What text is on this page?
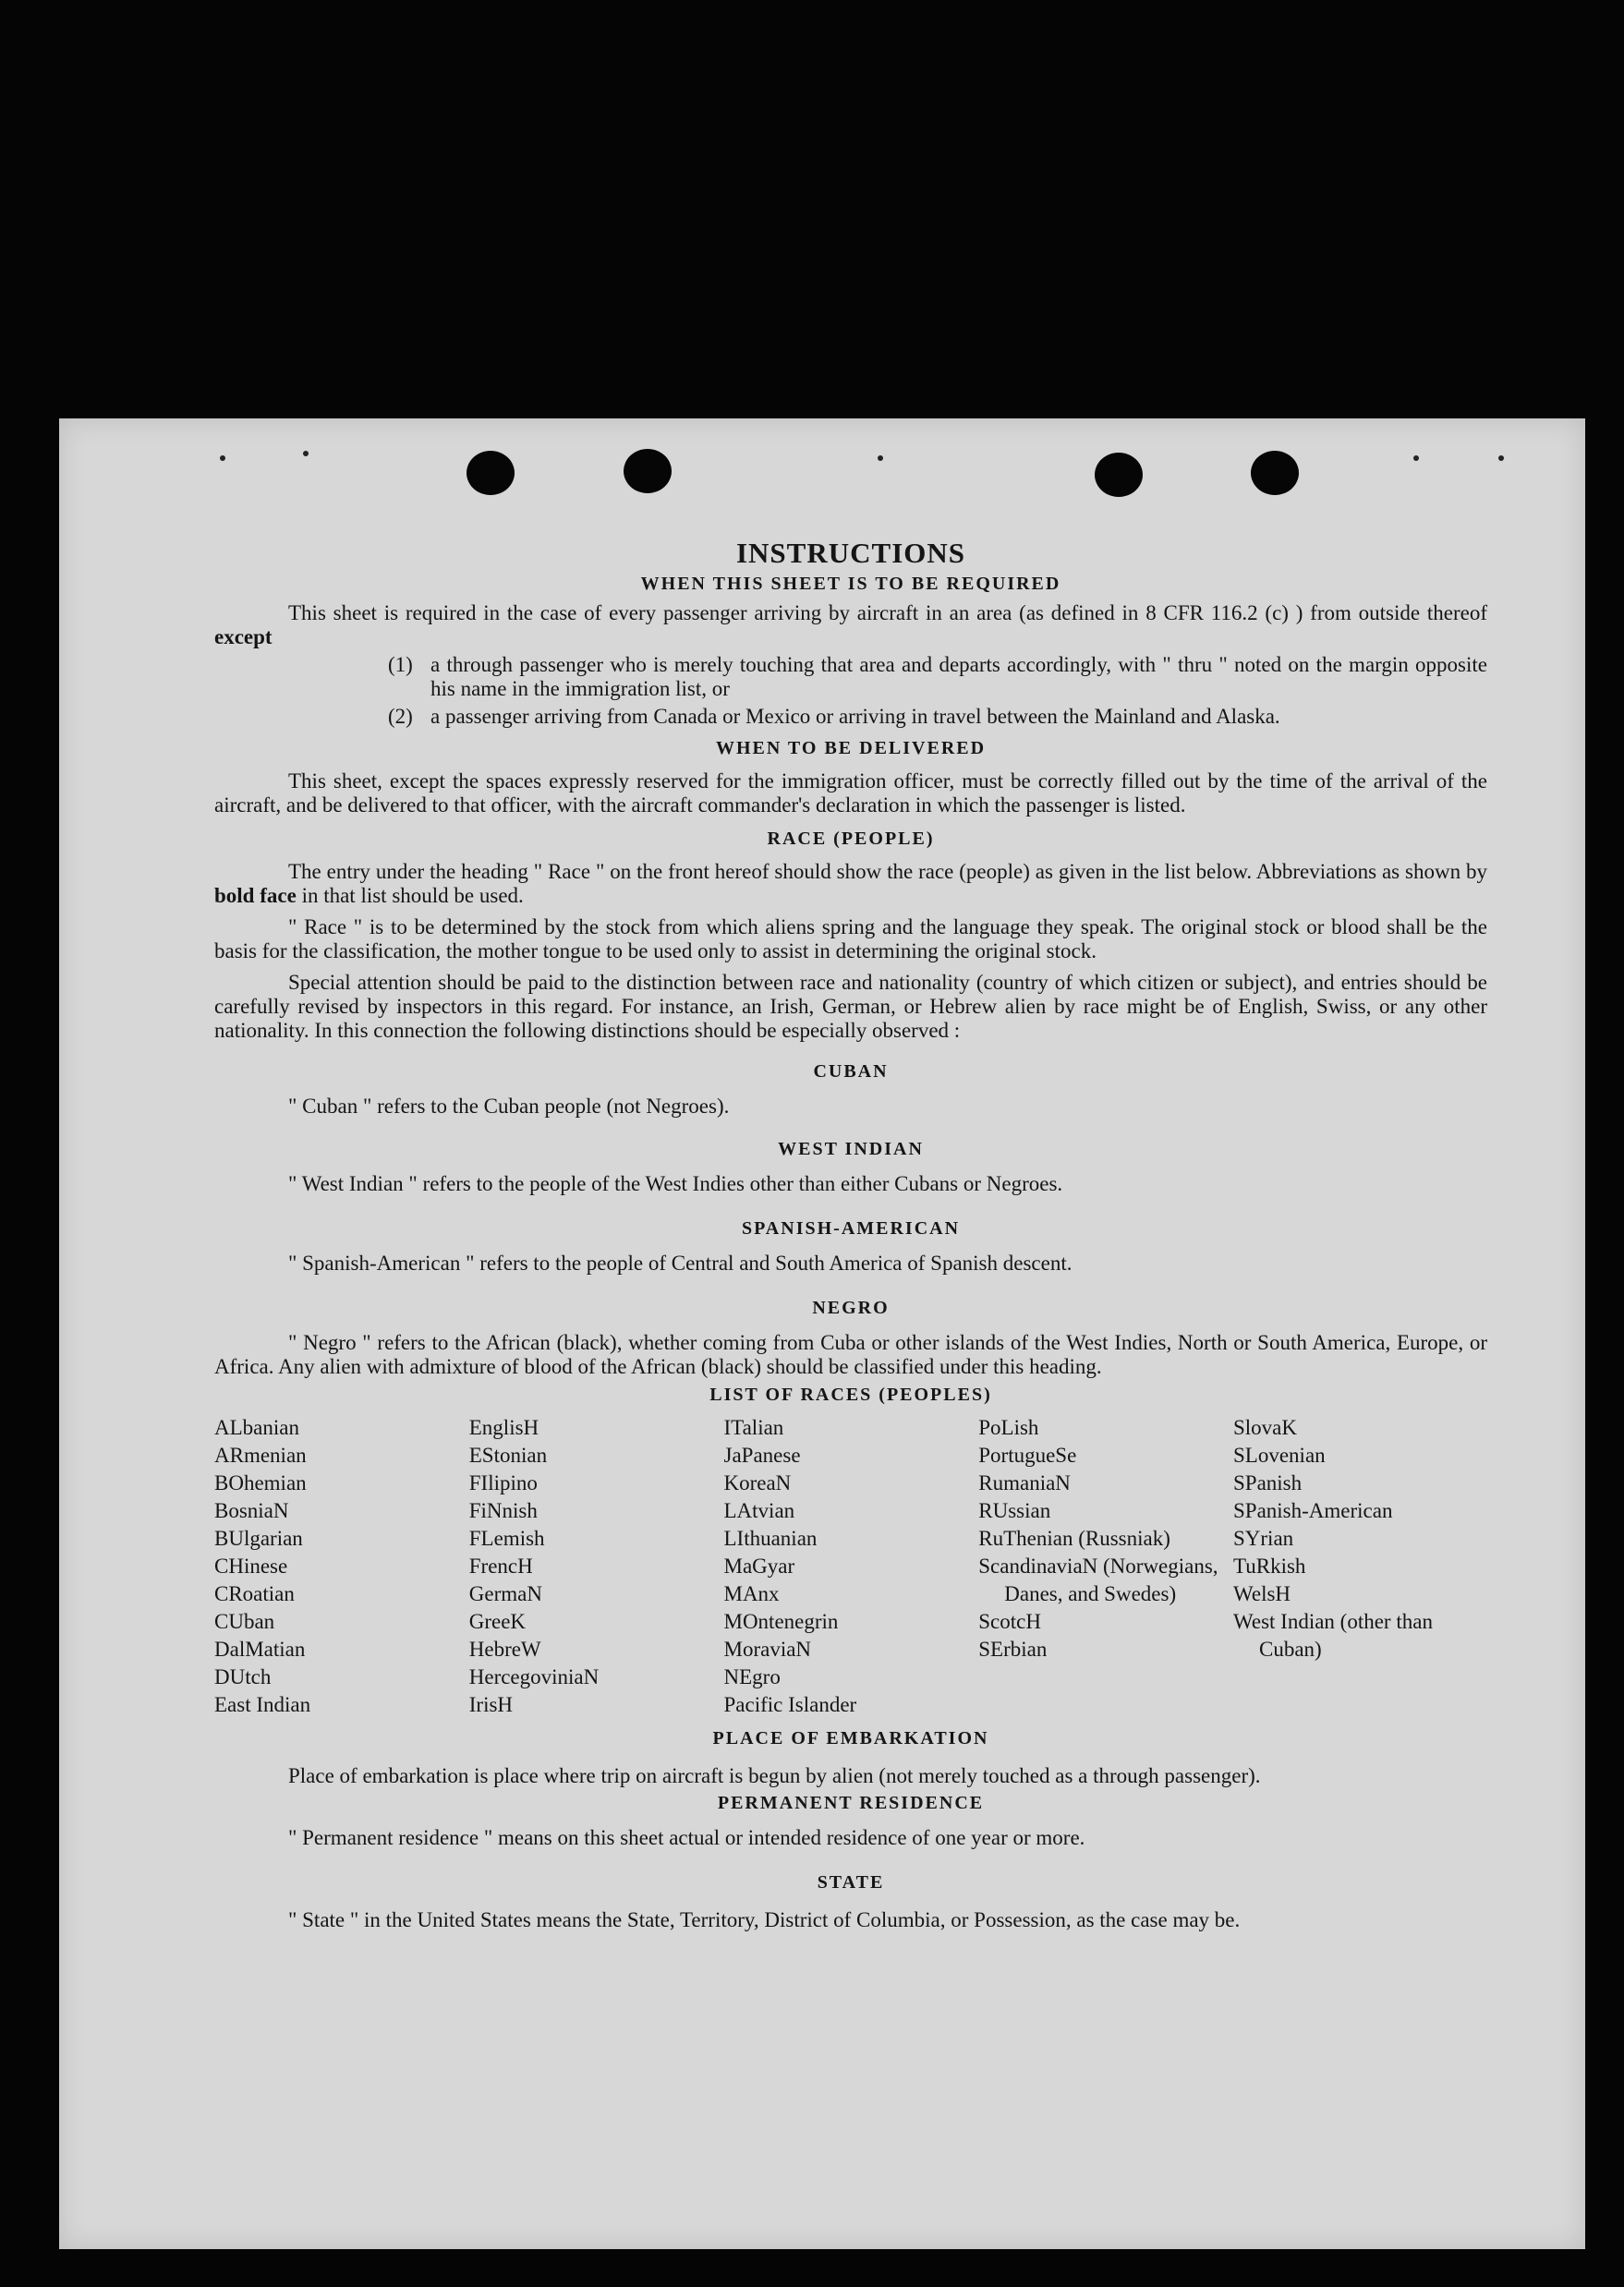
INSTRUCTIONS
WHEN THIS SHEET IS TO BE REQUIRED

This sheet is required in the case of every passenger arriving by aircraft in an area (as defined in 8 CFR 116.2 (c) ) from outside thereof except

(1) a through passenger who is merely touching that area and departs accordingly, with " thru " noted on the margin opposite his name in the immigration list, or

(2) a passenger arriving from Canada or Mexico or arriving in travel between the Mainland and Alaska.

WHEN TO BE DELIVERED

This sheet, except the spaces expressly reserved for the immigration officer, must be correctly filled out by the time of the arrival of the aircraft, and be delivered to that officer, with the aircraft commander's declaration in which the passenger is listed.

RACE (PEOPLE)

The entry under the heading " Race " on the front hereof should show the race (people) as given in the list below. Abbreviations as shown by bold face in that list should be used.

" Race " is to be determined by the stock from which aliens spring and the language they speak. The original stock or blood shall be the basis for the classification, the mother tongue to be used only to assist in determining the original stock.

Special attention should be paid to the distinction between race and nationality (country of which citizen or subject), and entries should be carefully revised by inspectors in this regard. For instance, an Irish, German, or Hebrew alien by race might be of English, Swiss, or any other nationality. In this connection the following distinctions should be especially observed :

CUBAN

" Cuban " refers to the Cuban people (not Negroes).

WEST INDIAN

" West Indian " refers to the people of the West Indies other than either Cubans or Negroes.

SPANISH-AMERICAN

" Spanish-American " refers to the people of Central and South America of Spanish descent.

NEGRO

" Negro " refers to the African (black), whether coming from Cuba or other islands of the West Indies, North or South America, Europe, or Africa. Any alien with admixture of blood of the African (black) should be classified under this heading.

LIST OF RACES (PEOPLES)
ALbanian
ARmenian
BOhemian
BosniaN
BUlgarian
CHinese
CRoatian
CUban
DalMatian
DUtch
East Indian
EnglisH
EStonian
FIlipino
FiNnish
FLemish
FrencH
GermaN
GreeK
HebreW
HercegoviniaN
IrisH
ITalian
JaPanese
KoreaN
LAtvian
LIthuanian
MaGyar
MAnx
MOntenegrin
MoraviaN
NEgro
Pacific Islander
PoLish
PortugueSe
RumaniaN
RUssian
RuThenian (Russniak)
ScandinaviaN (Norwegians, Danes, and Swedes)
ScotcH
SErbian
SlovaK
SLovenian
SPanish
SPanish-American
SYrian
TuRkish
WelsH
West Indian (other than Cuban)
PLACE OF EMBARKATION

Place of embarkation is place where trip on aircraft is begun by alien (not merely touched as a through passenger).

PERMANENT RESIDENCE

" Permanent residence " means on this sheet actual or intended residence of one year or more.

STATE

" State " in the United States means the State, Territory, District of Columbia, or Possession, as the case may be.
